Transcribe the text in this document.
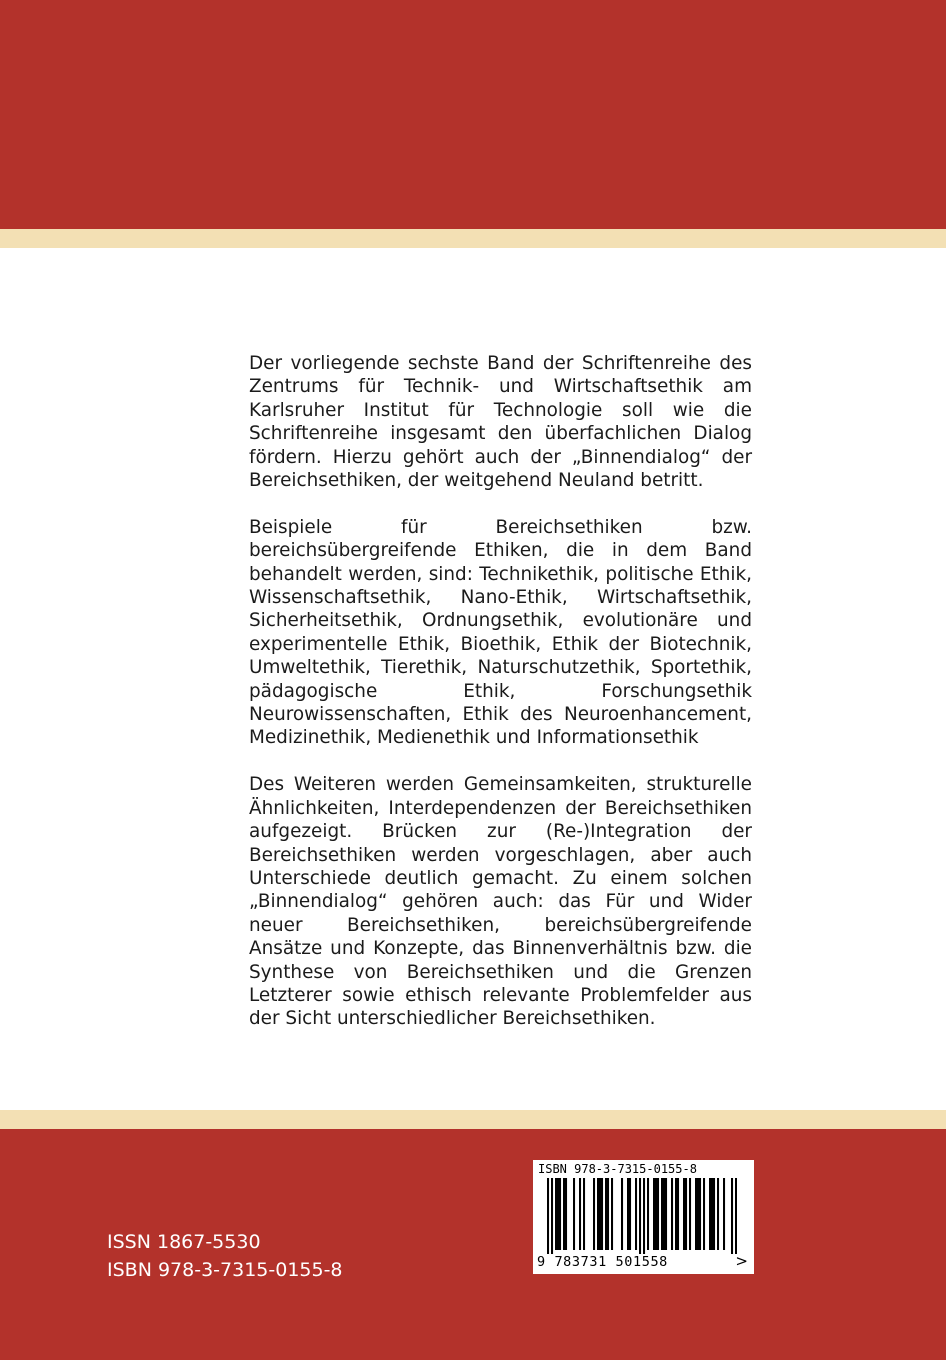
Der vorliegende sechste Band der Schriftenreihe des Zentrums für Technik- und Wirtschaftsethik am Karlsruher Institut für Technologie soll wie die Schriftenreihe insgesamt den überfachlichen Dialog fördern. Hierzu gehört auch der „Binnendialog“ der Bereichsethiken, der weitgehend Neuland betritt.

Beispiele für Bereichsethiken bzw. bereichsübergreifende Ethiken, die in dem Band behandelt werden, sind: Technikethik, politische Ethik, Wissenschaftsethik, Nano-Ethik, Wirtschaftsethik, Sicherheitsethik, Ordnungsethik, evolutionäre und experimentelle Ethik, Bioethik, Ethik der Biotechnik, Umweltethik, Tierethik, Naturschutzethik, Sportethik, pädagogische Ethik, Forschungsethik Neurowissenschaften, Ethik des Neuroenhancement, Medizinethik, Medienethik und Informationsethik

Des Weiteren werden Gemeinsamkeiten, strukturelle Ähnlichkeiten, Interdependenzen der Bereichsethiken aufgezeigt. Brücken zur (Re-)Integration der Bereichsethiken werden vorgeschlagen, aber auch Unterschiede deutlich gemacht. Zu einem solchen „Binnendialog“ gehören auch: das Für und Wider neuer Bereichsethiken, bereichsübergreifende Ansätze und Konzepte, das Binnenverhältnis bzw. die Synthese von Bereichsethiken und die Grenzen Letzterer sowie ethisch relevante Problemfelder aus der Sicht unterschiedlicher Bereichsethiken.

ISSN 1867-5530
ISBN 978-3-7315-0155-8
ISBN 978-3-7315-0155-8
9 783731 501558	>
